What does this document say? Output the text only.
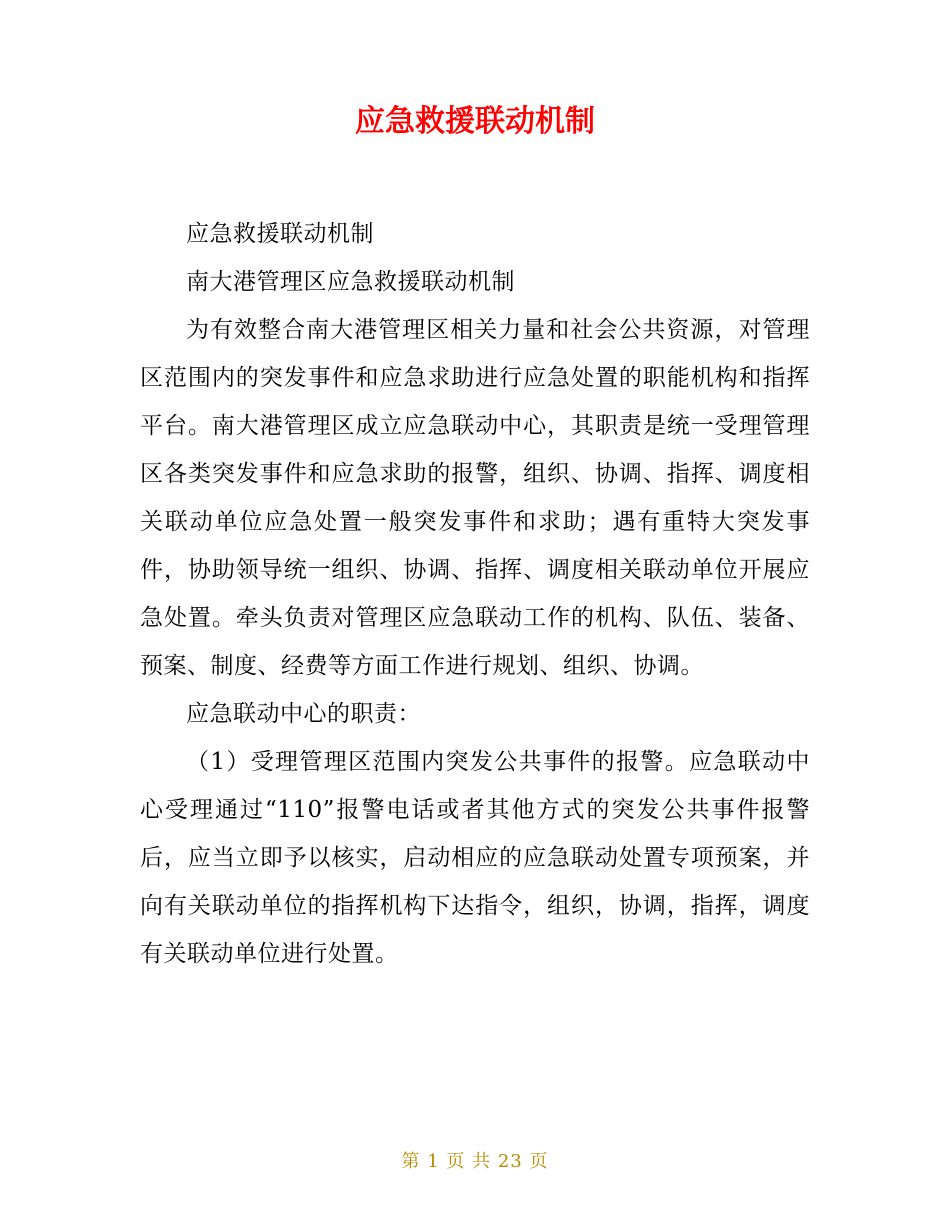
应急救援联动机制

应急救援联动机制

南大港管理区应急救援联动机制

为有效整合南大港管理区相关力量和社会公共资源，对管理区范围内的突发事件和应急求助进行应急处置的职能机构和指挥平台。南大港管理区成立应急联动中心，其职责是统一受理管理区各类突发事件和应急求助的报警，组织、协调、指挥、调度相关联动单位应急处置一般突发事件和求助；遇有重特大突发事件，协助领导统一组织、协调、指挥、调度相关联动单位开展应急处置。牵头负责对管理区应急联动工作的机构、队伍、装备、预案、制度、经费等方面工作进行规划、组织、协调。

应急联动中心的职责：

（1）受理管理区范围内突发公共事件的报警。应急联动中心受理通过“110”报警电话或者其他方式的突发公共事件报警后，应当立即予以核实，启动相应的应急联动处置专项预案，并向有关联动单位的指挥机构下达指令，组织，协调，指挥，调度有关联动单位进行处置。

第 1 页 共 23 页
